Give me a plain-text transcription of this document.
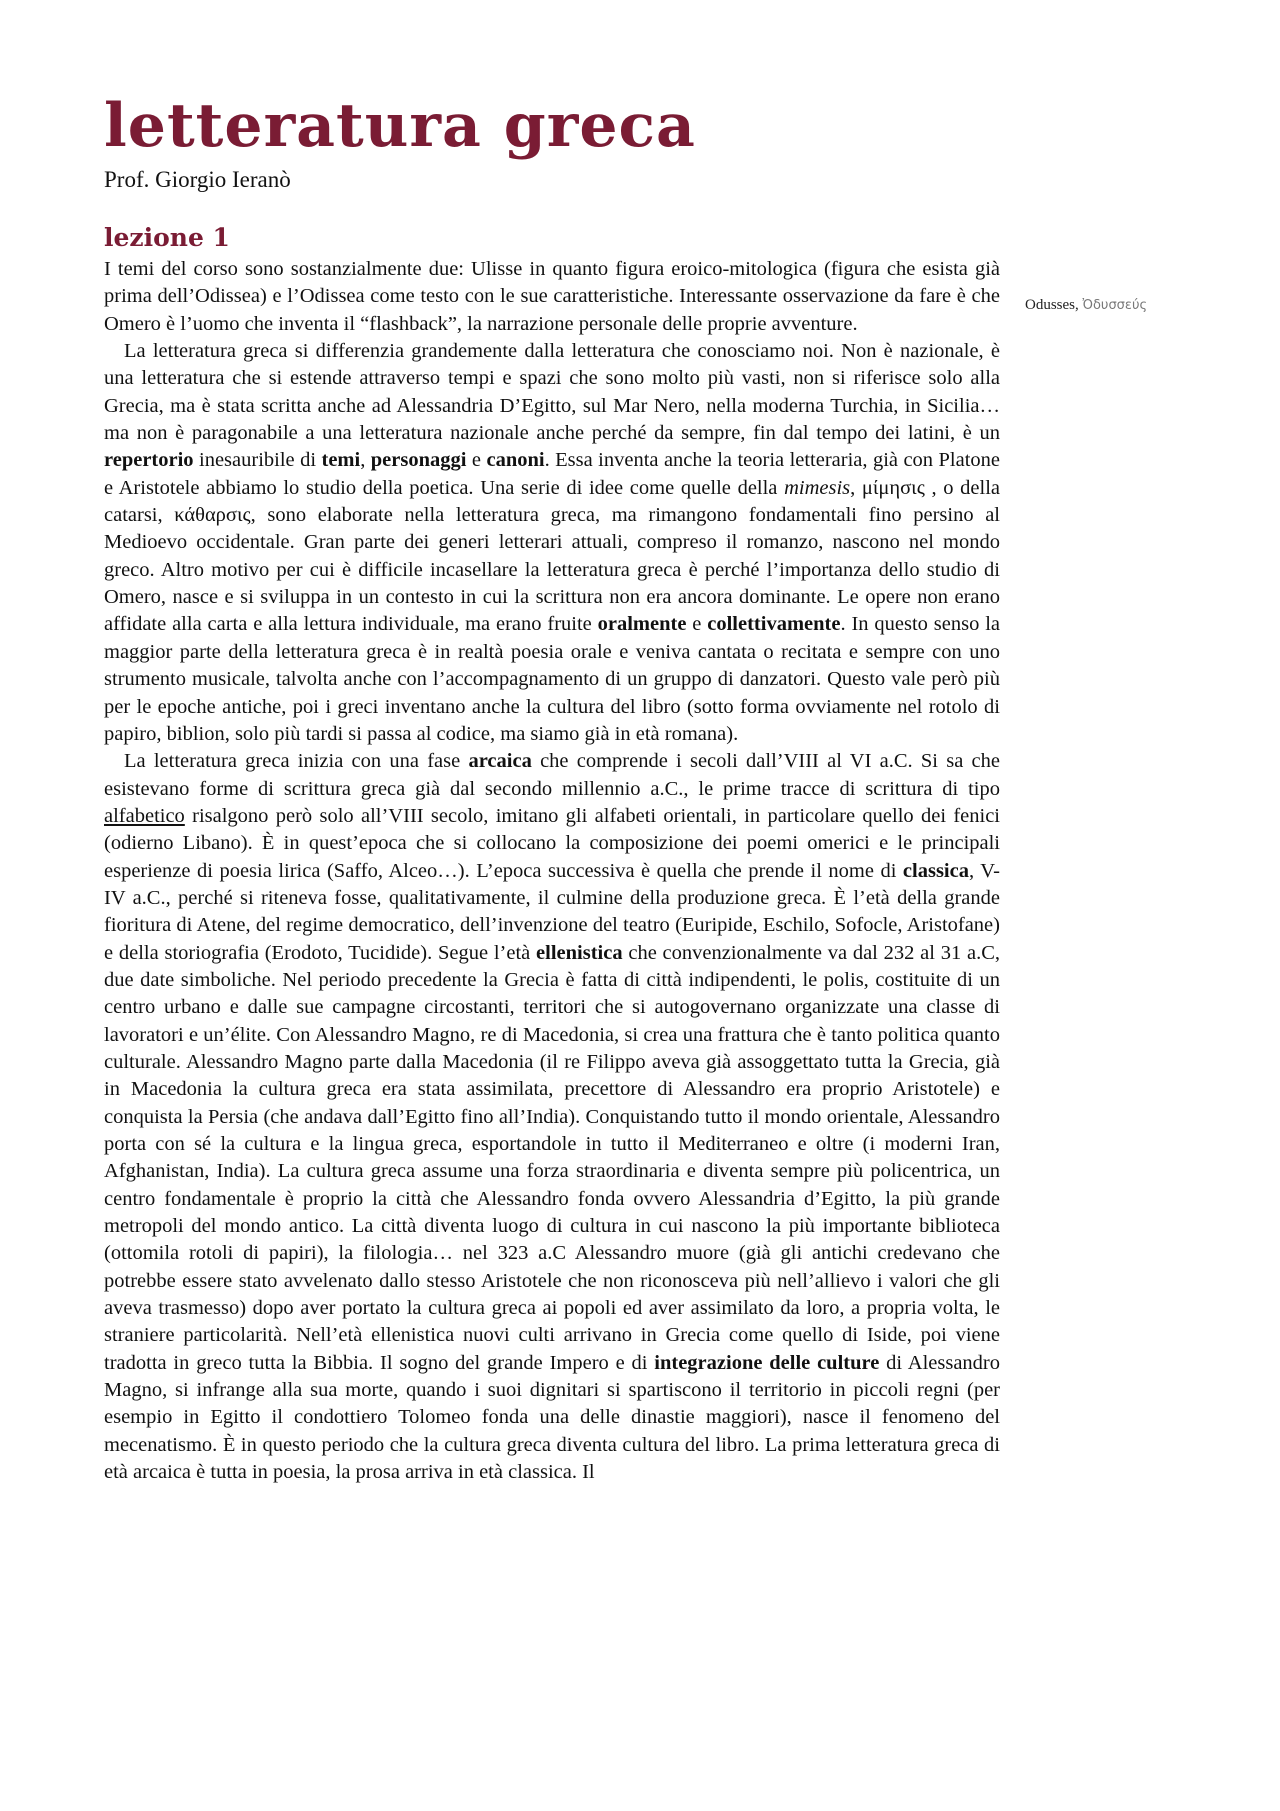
letteratura greca
Prof. Giorgio Ieranò
lezione 1
Odusses, Ὀδυσσεύς

I temi del corso sono sostanzialmente due: Ulisse in quanto figura eroico-mitologica (figura che esista già prima dell’Odissea) e l’Odissea come testo con le sue caratteristiche. Interessante osservazione da fare è che Omero è l’uomo che inventa il “flashback”, la narrazione personale delle proprie avventure.

La letteratura greca si differenzia grandemente dalla letteratura che conosciamo noi. Non è nazionale, è una letteratura che si estende attraverso tempi e spazi che sono molto più vasti, non si riferisce solo alla Grecia, ma è stata scritta anche ad Alessandria D’Egitto, sul Mar Nero, nella moderna Turchia, in Sicilia… ma non è paragonabile a una letteratura nazionale anche perché da sempre, fin dal tempo dei latini, è un repertorio inesauribile di temi, personaggi e canoni. Essa inventa anche la teoria letteraria, già con Platone e Aristotele abbiamo lo studio della poetica. Una serie di idee come quelle della mimesis, μίμησις , o della catarsi, κάθαρσις, sono elaborate nella letteratura greca, ma rimangono fondamentali fino persino al Medioevo occidentale. Gran parte dei generi letterari attuali, compreso il romanzo, nascono nel mondo greco. Altro motivo per cui è difficile incasellare la letteratura greca è perché l’importanza dello studio di Omero, nasce e si sviluppa in un contesto in cui la scrittura non era ancora dominante. Le opere non erano affidate alla carta e alla lettura individuale, ma erano fruite oralmente e collettivamente. In questo senso la maggior parte della letteratura greca è in realtà poesia orale e veniva cantata o recitata e sempre con uno strumento musicale, talvolta anche con l’accompagnamento di un gruppo di danzatori. Questo vale però più per le epoche antiche, poi i greci inventano anche la cultura del libro (sotto forma ovviamente nel rotolo di papiro, biblion, solo più tardi si passa al codice, ma siamo già in età romana).

La letteratura greca inizia con una fase arcaica che comprende i secoli dall’VIII al VI a.C. Si sa che esistevano forme di scrittura greca già dal secondo millennio a.C., le prime tracce di scrittura di tipo alfabetico risalgono però solo all’VIII secolo, imitano gli alfabeti orientali, in particolare quello dei fenici (odierno Libano). È in quest’epoca che si collocano la composizione dei poemi omerici e le principali esperienze di poesia lirica (Saffo, Alceo…). L’epoca successiva è quella che prende il nome di classica, V- IV a.C., perché si riteneva fosse, qualitativamente, il culmine della produzione greca. È l’età della grande fioritura di Atene, del regime democratico, dell’invenzione del teatro (Euripide, Eschilo, Sofocle, Aristofane) e della storiografia (Erodoto, Tucidide). Segue l’età ellenistica che convenzionalmente va dal 232 al 31 a.C, due date simboliche. Nel periodo precedente la Grecia è fatta di città indipendenti, le polis, costituite di un centro urbano e dalle sue campagne circostanti, territori che si autogovernano organizzate una classe di lavoratori e un’élite. Con Alessandro Magno, re di Macedonia, si crea una frattura che è tanto politica quanto culturale. Alessandro Magno parte dalla Macedonia (il re Filippo aveva già assoggettato tutta la Grecia, già in Macedonia la cultura greca era stata assimilata, precettore di Alessandro era proprio Aristotele) e conquista la Persia (che andava dall’Egitto fino all’India). Conquistando tutto il mondo orientale, Alessandro porta con sé la cultura e la lingua greca, esportandole in tutto il Mediterraneo e oltre (i moderni Iran, Afghanistan, India). La cultura greca assume una forza straordinaria e diventa sempre più policentrica, un centro fondamentale è proprio la città che Alessandro fonda ovvero Alessandria d’Egitto, la più grande metropoli del mondo antico. La città diventa luogo di cultura in cui nascono la più importante biblioteca (ottomila rotoli di papiri), la filologia… nel 323 a.C Alessandro muore (già gli antichi credevano che potrebbe essere stato avvelenato dallo stesso Aristotele che non riconosceva più nell’allievo i valori che gli aveva trasmesso) dopo aver portato la cultura greca ai popoli ed aver assimilato da loro, a propria volta, le straniere particolarità. Nell’età ellenistica nuovi culti arrivano in Grecia come quello di Iside, poi viene tradotta in greco tutta la Bibbia. Il sogno del grande Impero e di integrazione delle culture di Alessandro Magno, si infrange alla sua morte, quando i suoi dignitari si spartiscono il territorio in piccoli regni (per esempio in Egitto il condottiero Tolomeo fonda una delle dinastie maggiori), nasce il fenomeno del mecenatismo. È in questo periodo che la cultura greca diventa cultura del libro. La prima letteratura greca di età arcaica è tutta in poesia, la prosa arriva in età classica. Il
